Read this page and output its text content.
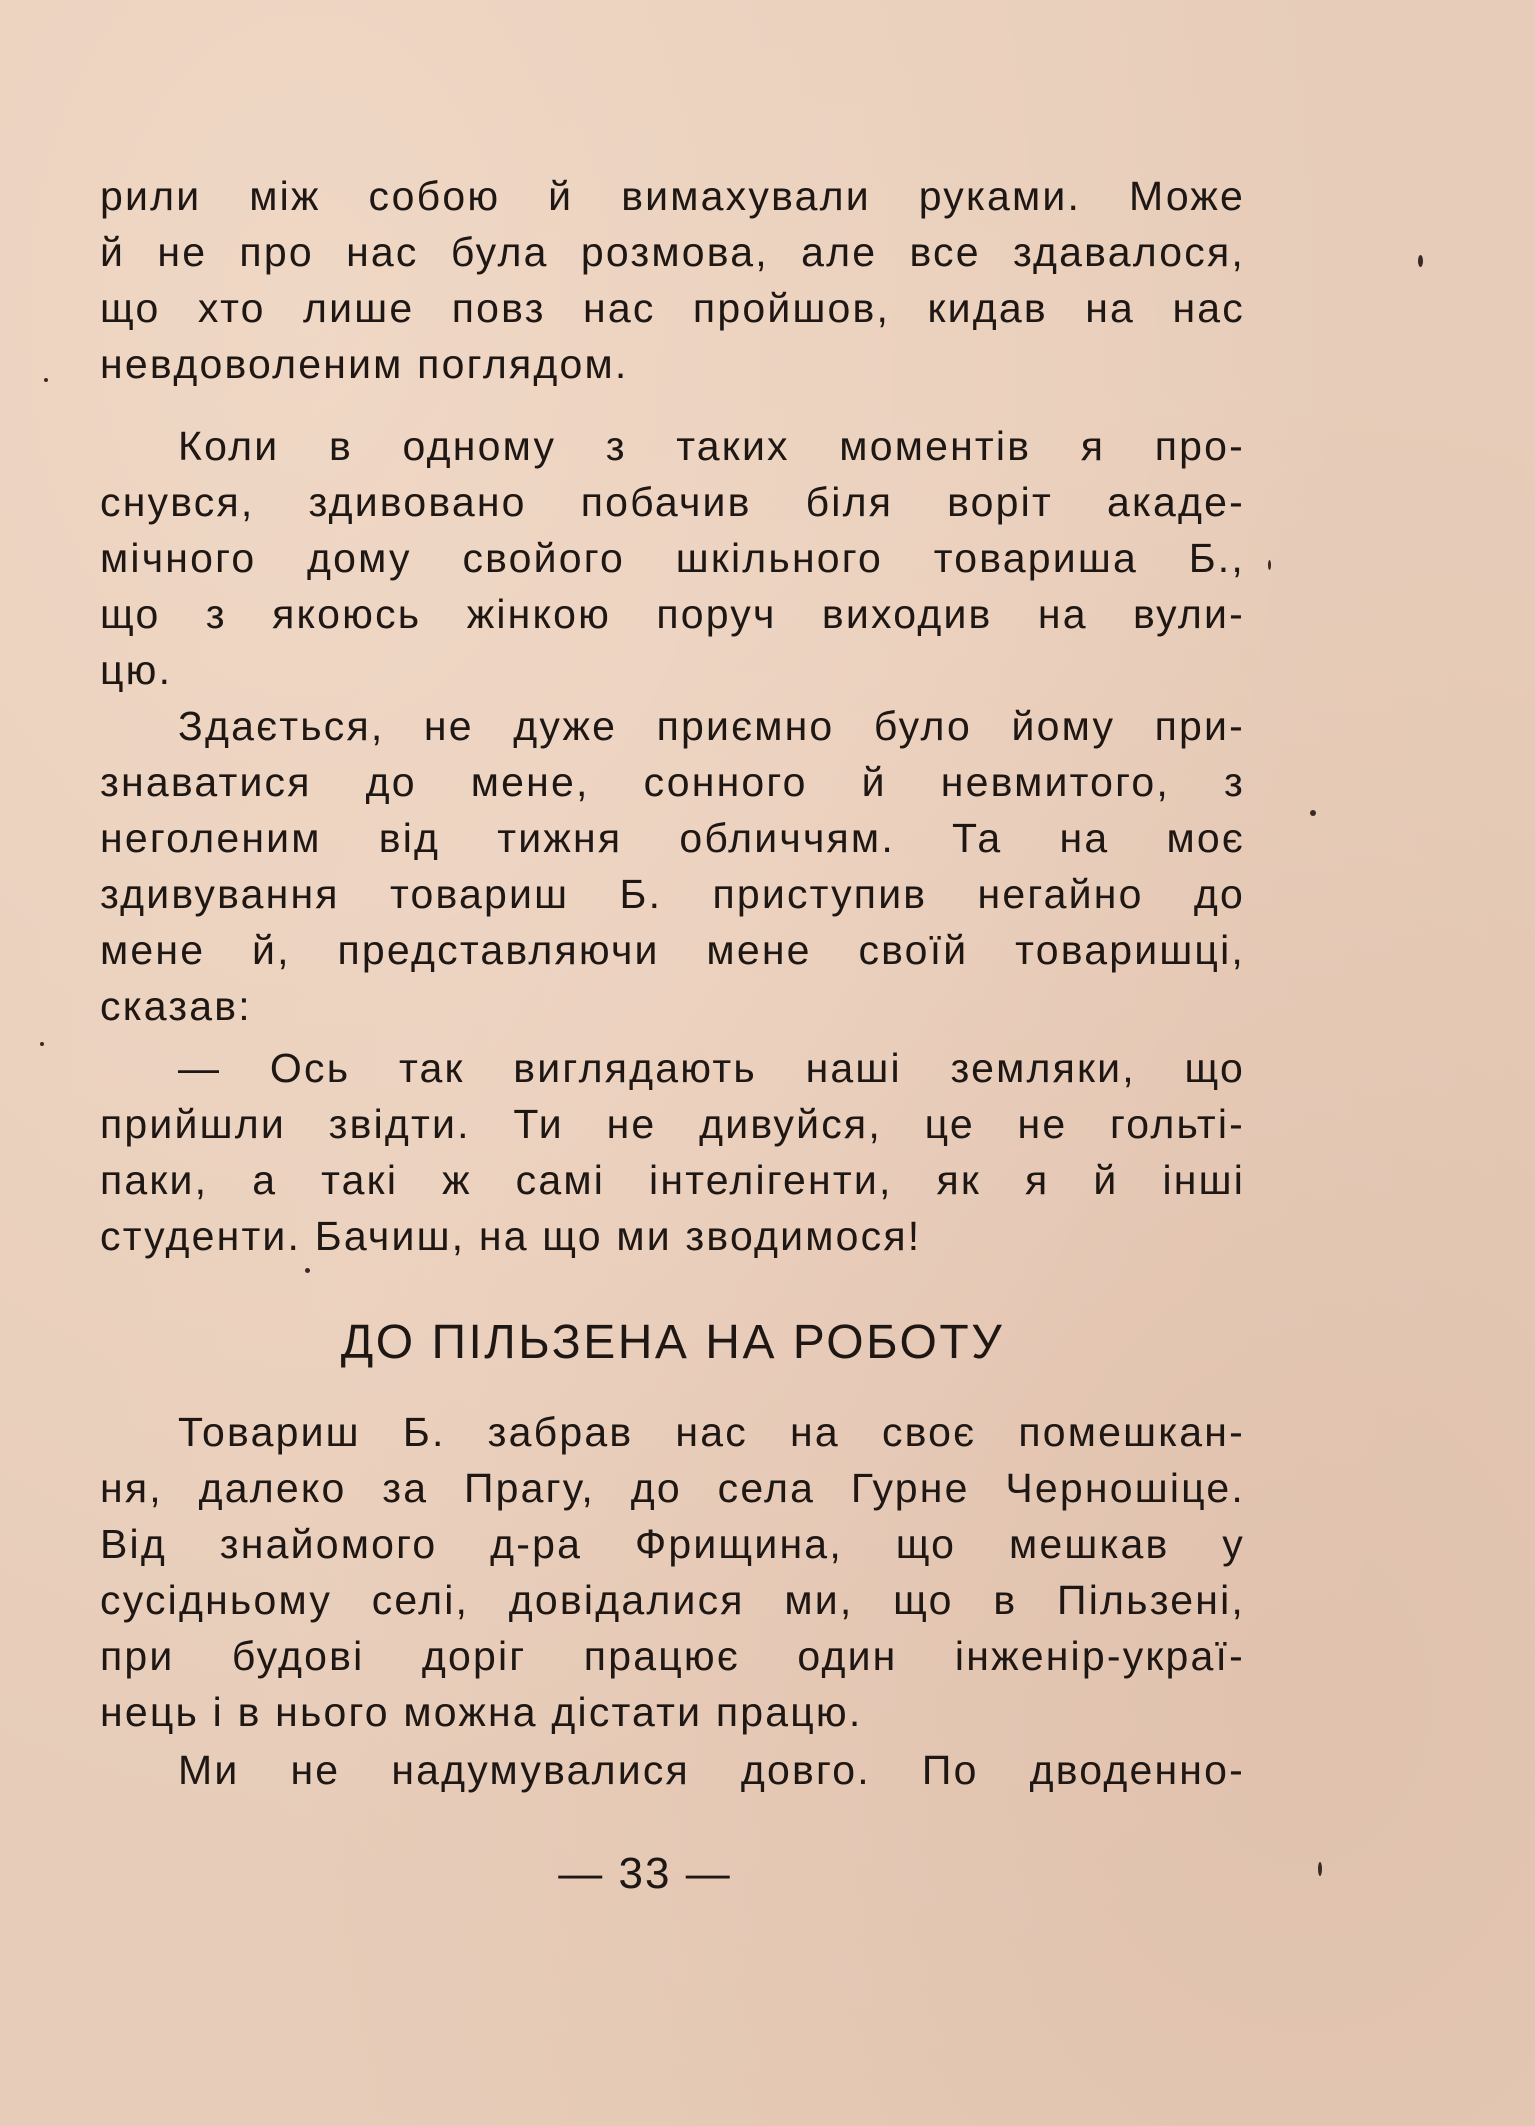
рили між собою й вимахували руками. Може
й не про нас була розмова, але все здавалося,
що хто лише повз нас пройшов, кидав на нас
невдоволеним поглядом.
Коли в одному з таких моментів я про-
снувся, здивовано побачив біля воріт акаде-
мічного дому свойого шкільного товариша Б.,
що з якоюсь жінкою поруч виходив на вули-
цю.
Здається, не дуже приємно було йому при-
знаватися до мене, сонного й невмитого, з
неголеним від тижня обличчям. Та на моє
здивування товариш Б. приступив негайно до
мене й, представляючи мене своїй товаришці,
сказав:
— Ось так виглядають наші земляки, що
прийшли звідти. Ти не дивуйся, це не гольті-
паки, а такі ж самі інтелігенти, як я й інші
студенти. Бачиш, на що ми зводимося!
ДО ПІЛЬЗЕНА НА РОБОТУ
Товариш Б. забрав нас на своє помешкан-
ня, далеко за Прагу, до села Гурне Черношіце.
Від знайомого д-ра Фрищина, що мешкав у
сусідньому селі, довідалися ми, що в Пільзені,
при будові доріг працює один інженір-украї-
нець і в нього можна дістати працю.
Ми не надумувалися довго. По дводенно-
— 33 —
